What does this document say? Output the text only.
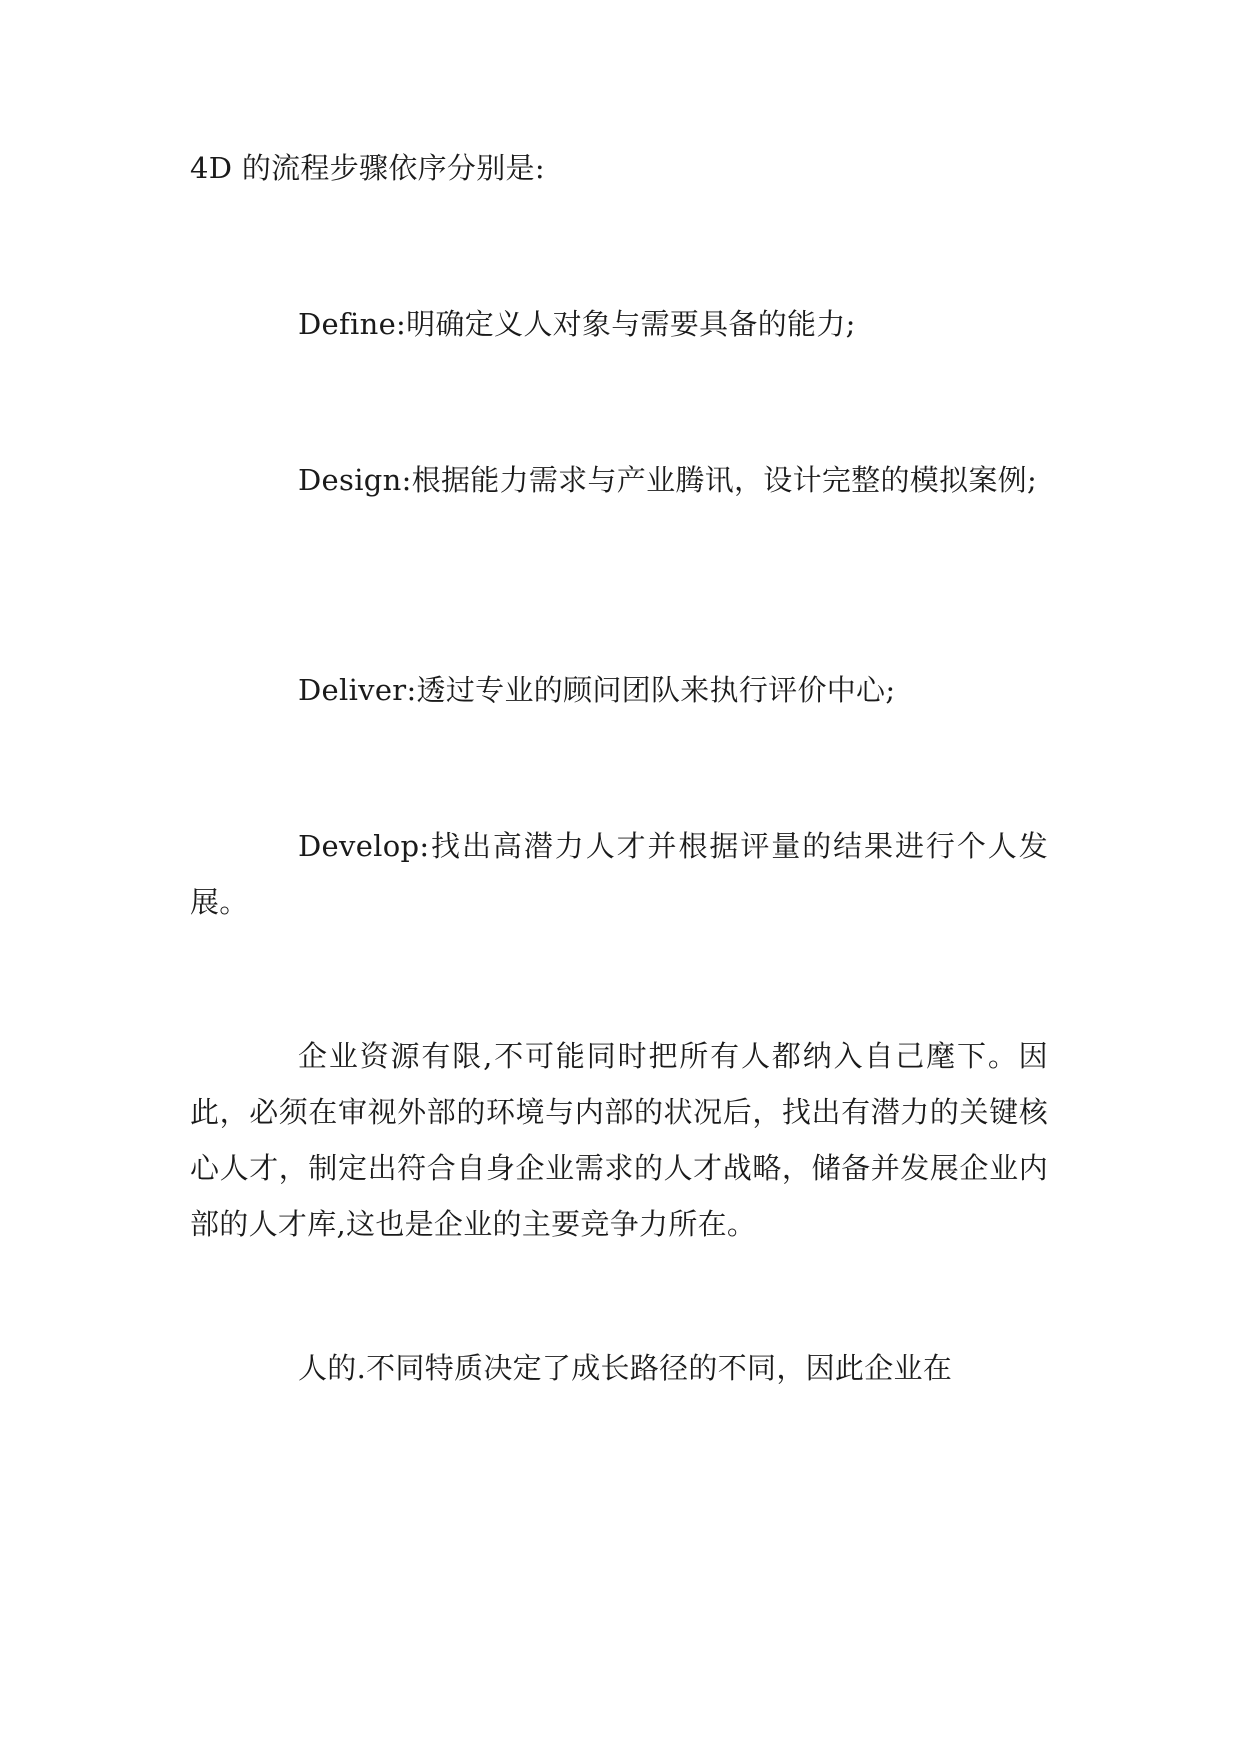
4D 的流程步骤依序分别是:

Define:明确定义人对象与需要具备的能力;

Design:根据能力需求与产业腾讯，设计完整的模拟案例;

Deliver:透过专业的顾问团队来执行评价中心;

Develop:找出高潜力人才并根据评量的结果进行个人发展。

企业资源有限,不可能同时把所有人都纳入自己麾下。因此，必须在审视外部的环境与内部的状况后，找出有潜力的关键核心人才，制定出符合自身企业需求的人才战略，储备并发展企业内部的人才库,这也是企业的主要竞争力所在。

人的.不同特质决定了成长路径的不同，因此企业在
